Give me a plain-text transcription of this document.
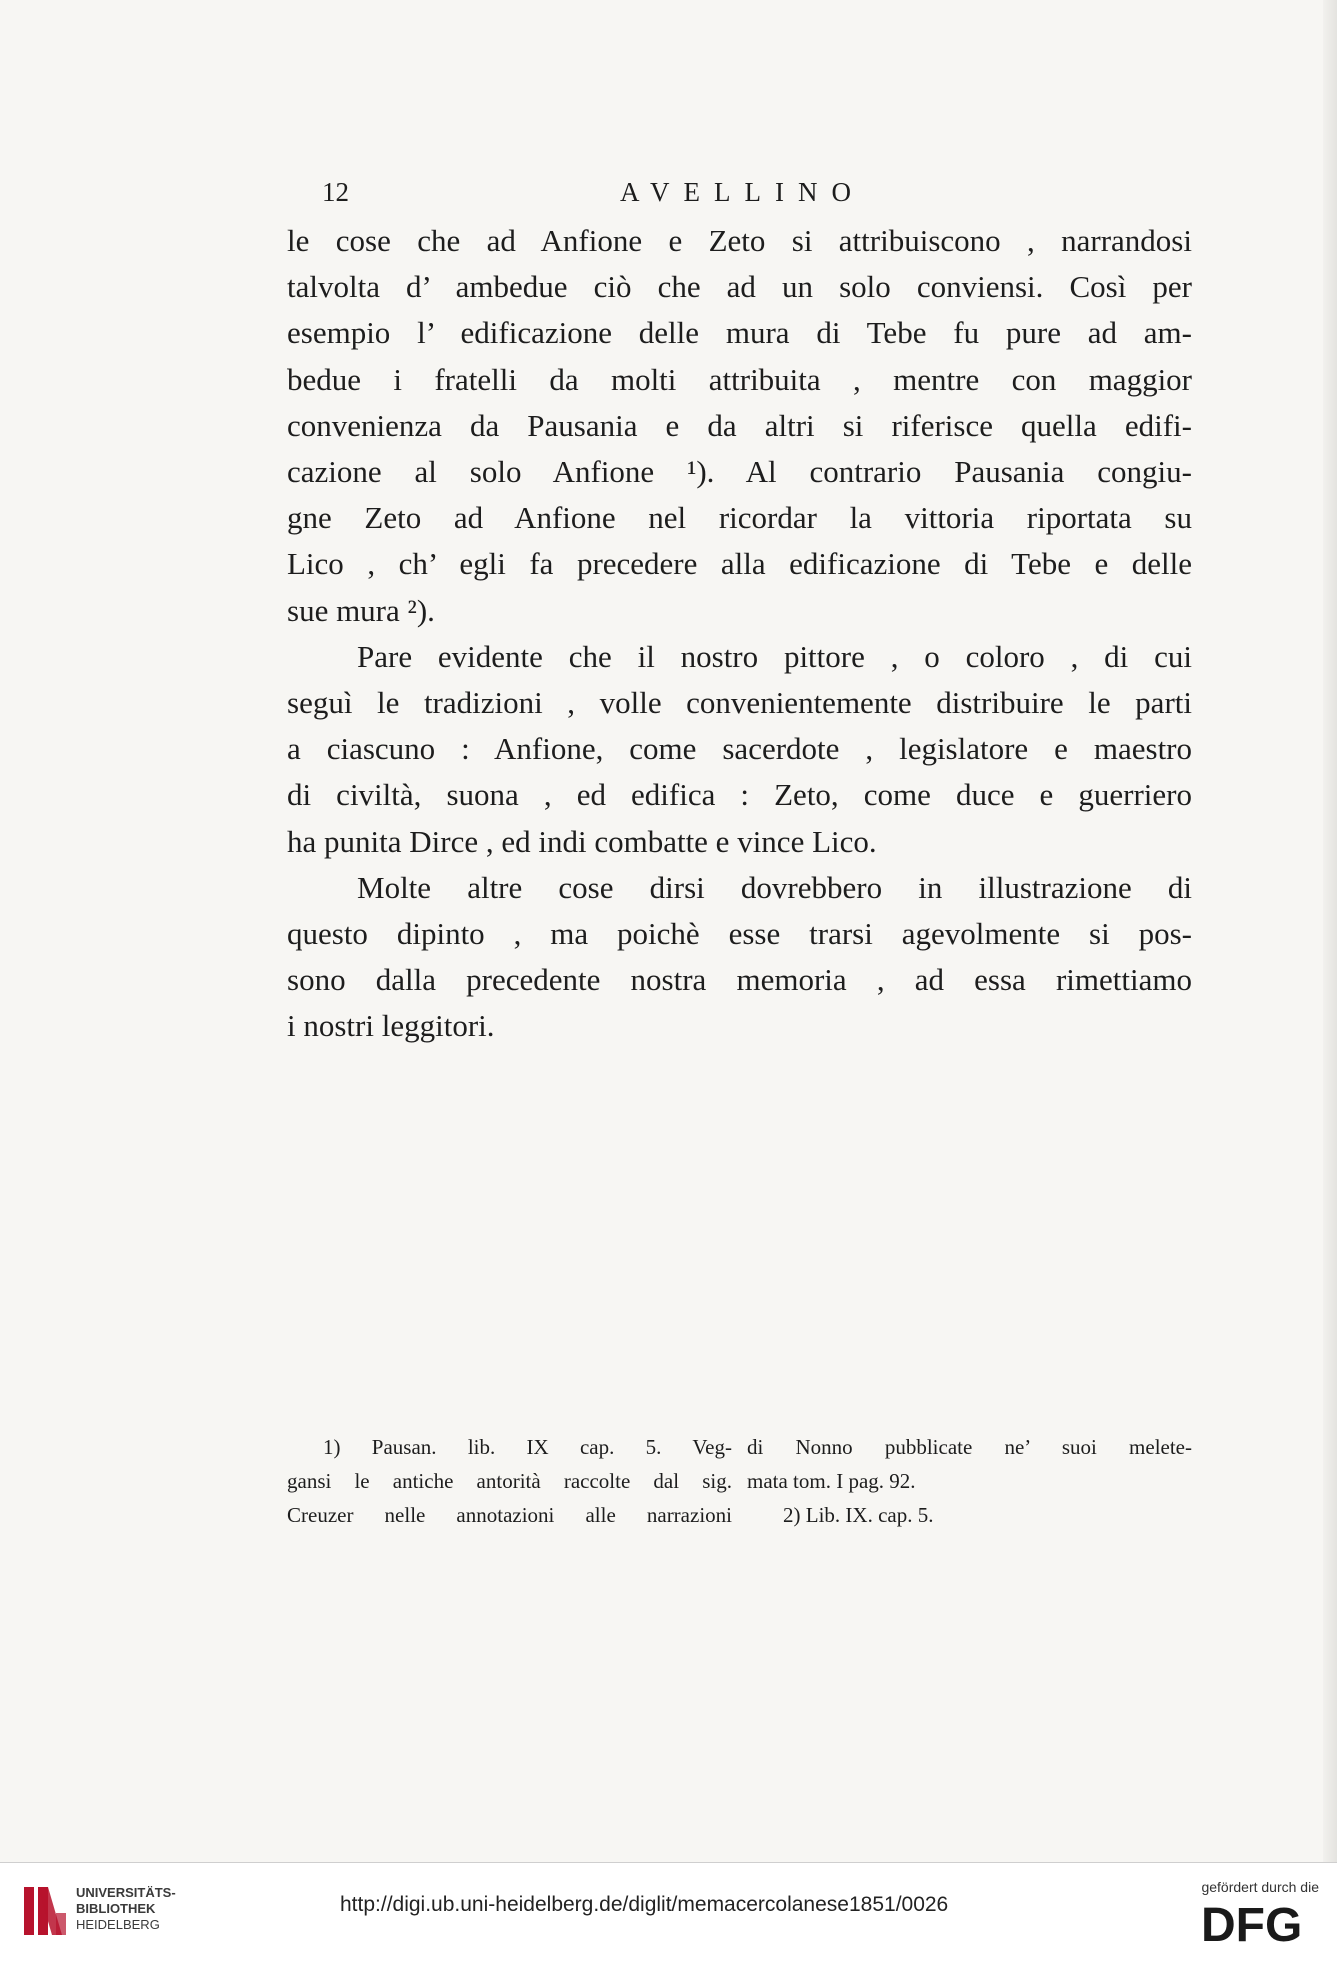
12	AVELLINO

le cose che ad Anfione e Zeto si attribuiscono , narrandosi
talvolta d’ ambedue ciò che ad un solo conviensi. Così per
esempio l’ edificazione delle mura di Tebe fu pure ad am-
bedue i fratelli da molti attribuita , mentre con maggior
convenienza da Pausania e da altri si riferisce quella edifi-
cazione al solo Anfione ¹). Al contrario Pausania congiu-
gne Zeto ad Anfione nel ricordar la vittoria riportata su
Lico , ch’ egli fa precedere alla edificazione di Tebe e delle
sue mura ²).

Pare evidente che il nostro pittore , o coloro , di cui
seguì le tradizioni , volle convenientemente distribuire le parti
a ciascuno : Anfione, come sacerdote , legislatore e maestro
di civiltà, suona , ed edifica : Zeto, come duce e guerriero
ha punita Dirce , ed indi combatte e vince Lico.

Molte altre cose dirsi dovrebbero in illustrazione di
questo dipinto , ma poichè esse trarsi agevolmente si pos-
sono dalla precedente nostra memoria , ad essa rimettiamo
i nostri leggitori.

1) Pausan. lib. IX cap. 5. Veg-
gansi le antiche antorità raccolte dal sig.
Creuzer nelle annotazioni alle narrazioni
di Nonno pubblicate ne’ suoi melete-
mata tom. I pag. 92.
2) Lib. IX. cap. 5.
UNIVERSITÄTS-
BIBLIOTHEK
HEIDELBERG
http://digi.ub.uni-heidelberg.de/diglit/memacercolanese1851/0026
gefördert durch die
DFG
